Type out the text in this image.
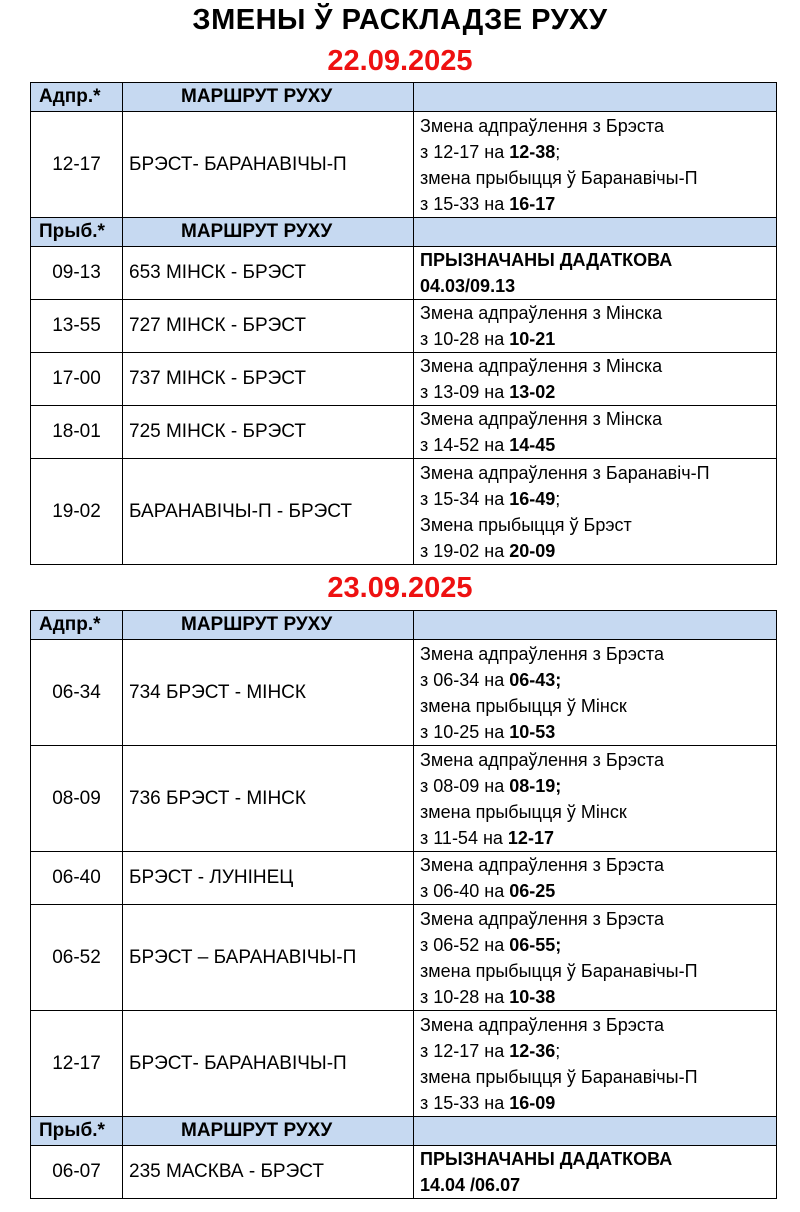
ЗМЕНЫ Ў РАСКЛАДЗЕ РУХУ
22.09.2025
Адпр.*	МАРШРУТ РУХУ	
12-17	БРЭСТ- БАРАНАВІЧЫ-П	Змена адпраўлення з Брэста
з 12-17 на 12-38;
змена прыбыцця ў Баранавічы-П
з 15-33 на 16-17

Прыб.*	МАРШРУТ РУХУ	
09-13	653 МІНСК - БРЭСТ	ПРЫЗНАЧАНЫ ДАДАТКОВА
04.03/09.13

13-55	727 МІНСК - БРЭСТ	Змена адпраўлення з Мінска
з 10-28 на 10-21

17-00	737 МІНСК - БРЭСТ	Змена адпраўлення з Мінска
з 13-09 на 13-02

18-01	725 МІНСК - БРЭСТ	Змена адпраўлення з Мінска
з 14-52 на 14-45

19-02	БАРАНАВІЧЫ-П - БРЭСТ	Змена адпраўлення з Баранавіч-П
з 15-34 на 16-49;
Змена прыбыцця ў Брэст
з 19-02 на 20-09
23.09.2025
Адпр.*	МАРШРУТ РУХУ	
06-34	734 БРЭСТ - МІНСК	Змена адпраўлення з Брэста
з 06-34 на 06-43;
змена прыбыцця ў Мінск
з 10-25 на 10-53

08-09	736 БРЭСТ - МІНСК	Змена адпраўлення з Брэста
з 08-09 на 08-19;
змена прыбыцця ў Мінск
з 11-54 на 12-17

06-40	БРЭСТ - ЛУНІНЕЦ	Змена адпраўлення з Брэста
з 06-40 на 06-25

06-52	БРЭСТ – БАРАНАВІЧЫ-П	Змена адпраўлення з Брэста
з 06-52 на 06-55;
змена прыбыцця ў Баранавічы-П
з 10-28 на 10-38

12-17	БРЭСТ- БАРАНАВІЧЫ-П	Змена адпраўлення з Брэста
з 12-17 на 12-36;
змена прыбыцця ў Баранавічы-П
з 15-33 на 16-09

Прыб.*	МАРШРУТ РУХУ	
06-07	235 МАСКВА - БРЭСТ	ПРЫЗНАЧАНЫ ДАДАТКОВА
14.04 /06.07
